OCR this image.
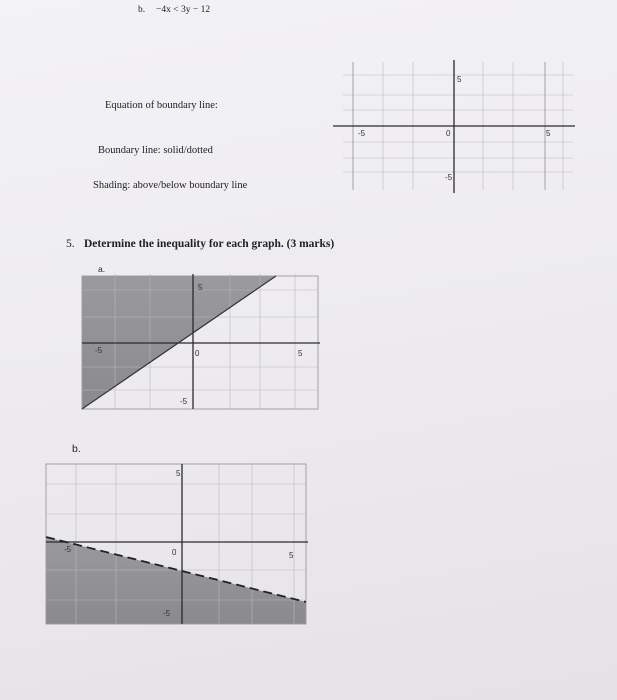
b. −4x < 3y − 12
Equation of boundary line:
Boundary line: solid/dotted
Shading: above/below boundary line
5. Determine the inequality for each graph. (3 marks)
-5	0	5
5
-5
a.
-5	0	5
5
-5
b.
-5	0	5
5
-5
